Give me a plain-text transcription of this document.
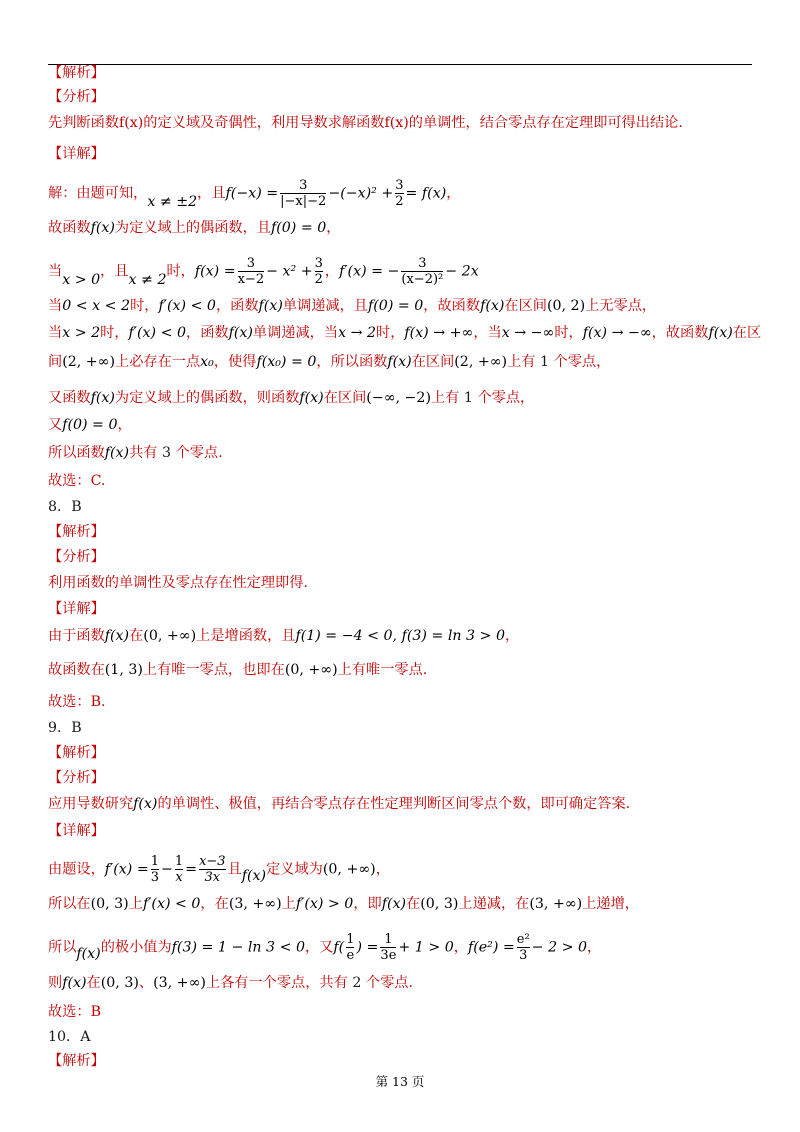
【解析】
【分析】
先判断函数f(x)的定义域及奇偶性，利用导数求解函数f(x)的单调性，结合零点存在定理即可得出结论.
【详解】
解：由题可知，x ≠ ±2，且$f(-x) = \frac{3}{|-x|-2} -(-x)^2 + \frac{3}{2} = f(x)$，
故函数f(x)为定义域上的偶函数，且f(0) = 0，
当x > 0，且x ≠ 2时，$f(x) = \frac{3}{x-2} - x^2 + \frac{3}{2}$ ，f′(x) = − $\frac{3}{\text{(x−2)²}} - 2x$
当0 < x < 2时，f′(x) < 0，函数f(x)单调递减，且f(0) = 0，故函数f(x)在区间(0, 2)上无零点，
当x > 2时，f′(x) < 0，函数f(x)单调递减，当x → 2时，f(x) → +∞，当x → −∞时，f(x) → −∞，故函数f(x)在区
间(2, +∞)上必存在一点x₀，使得f(x₀) = 0，所以函数f(x)在区间(2, +∞)上有 1 个零点，
又函数f(x)为定义域上的偶函数，则函数f(x)在区间(−∞, −2)上有 1 个零点，
又f(0) = 0，
所以函数f(x)共有 3 个零点.
故选：C.
8．B
【解析】
【分析】
利用函数的单调性及零点存在性定理即得.
【详解】
由于函数f(x)在(0, +∞)上是增函数，且f(1) = −4 < 0, f(3) = ln 3 > 0，
故函数在(1, 3)上有唯一零点，也即在(0, +∞)上有唯一零点.
故选：B.
9．B
【解析】
【分析】
应用导数研究f(x)的单调性、极值，再结合零点存在性定理判断区间零点个数，即可确定答案.
【详解】
由题设，$f'(x) = \frac{1}{3} - \frac{1}{x} = \frac{x-3}{3x}$ 且f(x)定义域为(0, +∞)，
所以在(0, 3)上f′(x) < 0，在(3, +∞)上f′(x) > 0，即f(x)在(0, 3)上递减，在(3, +∞)上递增，
所以f(x)的极小值为f(3) = 1 − ln 3 < 0，又$f( \frac{1}{e}$ ) = $\frac{1}{3e} + 1 > 0$，$f(e^2) = \frac{\text{e²}}{3} - 2 > 0$，
则f(x)在(0, 3)、(3, +∞)上各有一个零点，共有 2 个零点.
故选：B
10．A
【解析】
第 13 页
